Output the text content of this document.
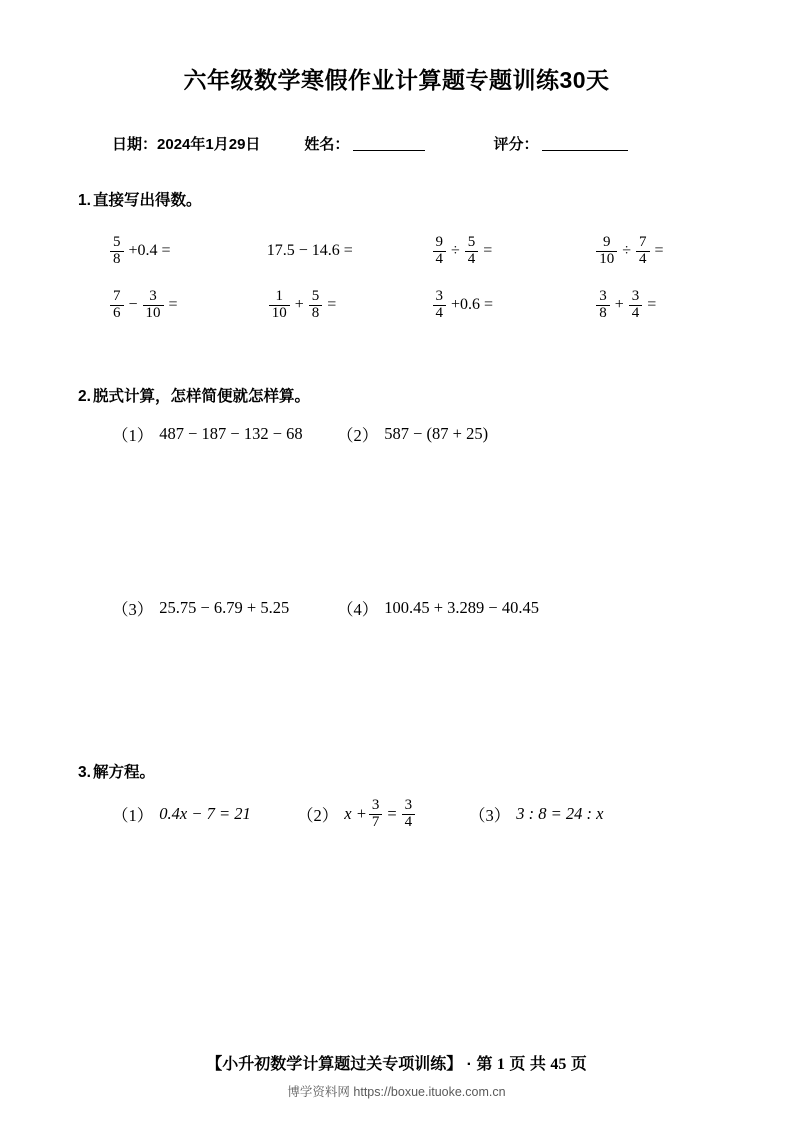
六年级数学寒假作业计算题专题训练30天
日期：2024年1月29日	姓名：	评分：
1. 直接写出得数。
$\frac{5}{8} +0.4$ =	17.5 − 14.6 =	$\frac{9}{4} \div \frac{5}{4}$ =	$\frac{9}{10} \div \frac{7}{4}$ =
$\frac{7}{6} - \frac{3}{10}$ =	$\frac{1}{10} + \frac{5}{8}$ =	$\frac{3}{4} +0.6$ =	$\frac{3}{8} + \frac{3}{4}$ =
2. 脱式计算，怎样简便就怎样算。
（1） 487 − 187 − 132 − 68 （2） 587 − (87 + 25)
（3） 25.75 − 6.79 + 5.25	（4） 100.45 + 3.289 − 40.45
3. 解方程。
（1） 0.4x − 7 = 21	（2） $x + \frac{3}{7} = \frac{3}{4}$	（3） 3 : 8 = 24 : x
【小升初数学计算题过关专项训练】 · 第 1 页 共 45 页
博学资料网 https://boxue.ituoke.com.cn
